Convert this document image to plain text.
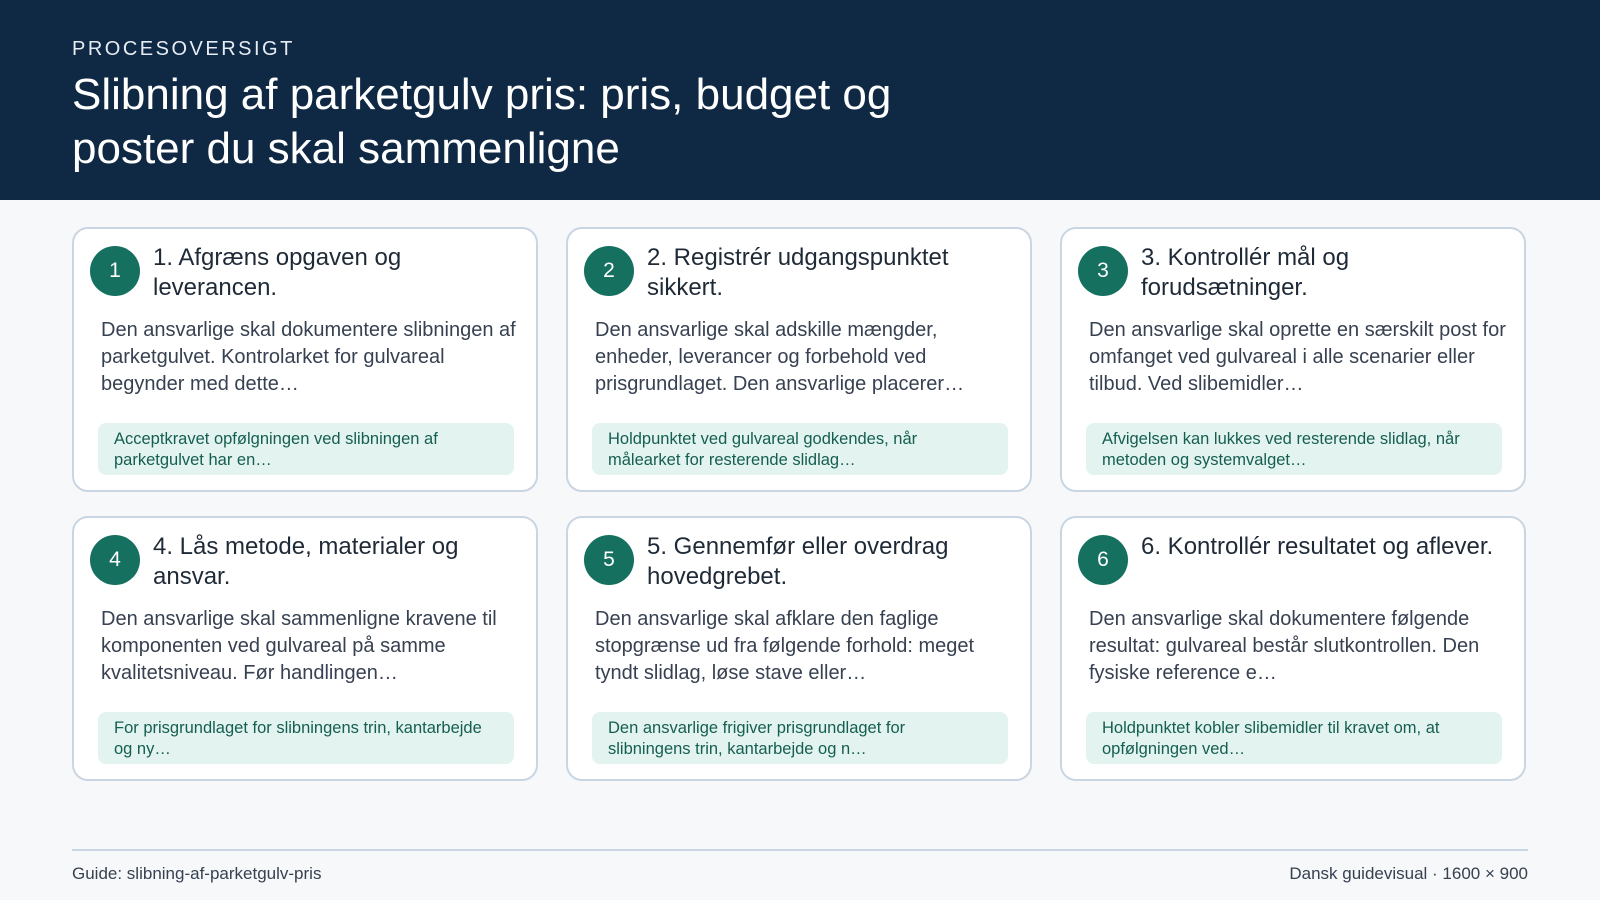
PROCESOVERSIGT
Slibning af parketgulv pris: pris, budget og poster du skal sammenligne
1	1. Afgræns opgaven og leverancen.
Den ansvarlige skal dokumentere slibningen af parketgulvet. Kontrolarket for gulvareal begynder med dette…
Acceptkravet opfølgningen ved slibningen af parketgulvet har en…
2	2. Registrér udgangspunktet sikkert.
Den ansvarlige skal adskille mængder, enheder, leverancer og forbehold ved prisgrundlaget. Den ansvarlige placerer…
Holdpunktet ved gulvareal godkendes, når målearket for resterende slidlag…
3	3. Kontrollér mål og forudsætninger.
Den ansvarlige skal oprette en særskilt post for omfanget ved gulvareal i alle scenarier eller tilbud. Ved slibemidler…
Afvigelsen kan lukkes ved resterende slidlag, når metoden og systemvalget…
4	4. Lås metode, materialer og ansvar.
Den ansvarlige skal sammenligne kravene til komponenten ved gulvareal på samme kvalitetsniveau. Før handlingen…
For prisgrundlaget for slibningens trin, kantarbejde og ny…
5	5. Gennemfør eller overdrag hovedgrebet.
Den ansvarlige skal afklare den faglige stopgrænse ud fra følgende forhold: meget tyndt slidlag, løse stave eller…
Den ansvarlige frigiver prisgrundlaget for slibningens trin, kantarbejde og n…
6	6. Kontrollér resultatet og aflever.
Den ansvarlige skal dokumentere følgende resultat: gulvareal består slutkontrollen. Den fysiske reference e…
Holdpunktet kobler slibemidler til kravet om, at opfølgningen ved…
Guide: slibning-af-parketgulv-pris	Dansk guidevisual · 1600 × 900
